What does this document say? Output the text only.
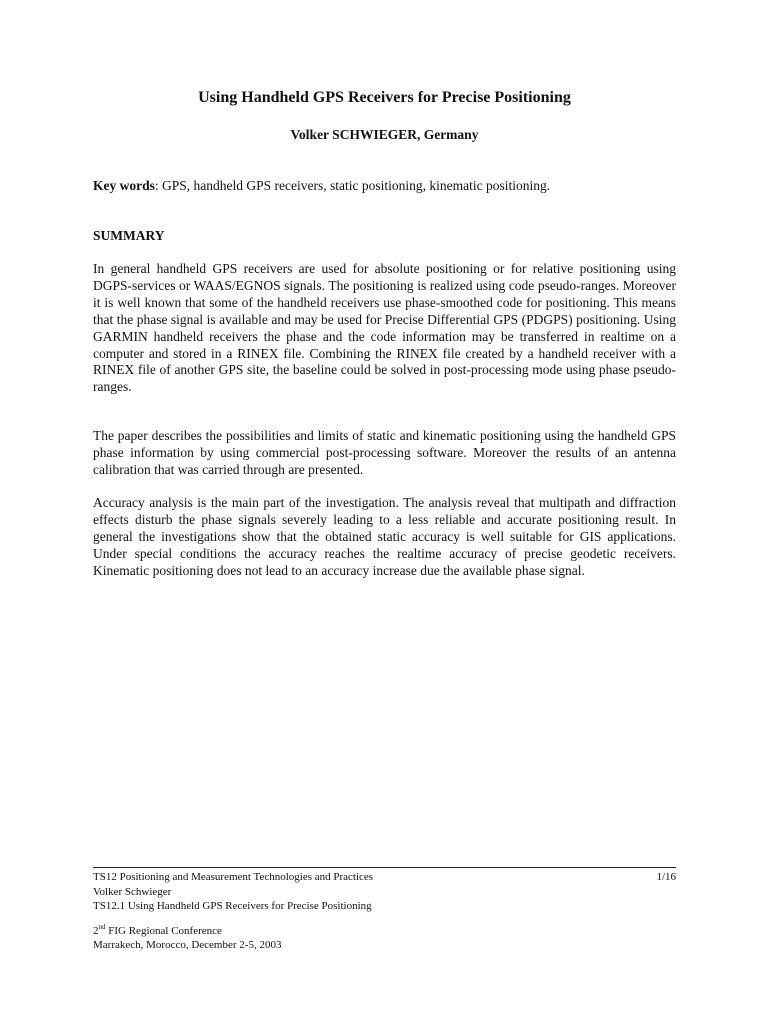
Using Handheld GPS Receivers for Precise Positioning
Volker SCHWIEGER, Germany
Key words: GPS, handheld GPS receivers, static positioning, kinematic positioning.
SUMMARY

In general handheld GPS receivers are used for absolute positioning or for relative positioning using DGPS-services or WAAS/EGNOS signals. The positioning is realized using code pseudo-ranges. Moreover it is well known that some of the handheld receivers use phase-smoothed code for positioning. This means that the phase signal is available and may be used for Precise Differential GPS (PDGPS) positioning. Using GARMIN handheld receivers the phase and the code information may be transferred in realtime on a computer and stored in a RINEX file. Combining the RINEX file created by a handheld receiver with a RINEX file of another GPS site, the baseline could be solved in post-processing mode using phase pseudo-ranges.

The paper describes the possibilities and limits of static and kinematic positioning using the handheld GPS phase information by using commercial post-processing software. Moreover the results of an antenna calibration that was carried through are presented.

Accuracy analysis is the main part of the investigation. The analysis reveal that multipath and diffraction effects disturb the phase signals severely leading to a less reliable and accurate positioning result. In general the investigations show that the obtained static accuracy is well suitable for GIS applications. Under special conditions the accuracy reaches the realtime accuracy of precise geodetic receivers. Kinematic positioning does not lead to an accuracy increase due the available phase signal.

1/16
TS12 Positioning and Measurement Technologies and Practices
Volker Schwieger
TS12.1 Using Handheld GPS Receivers for Precise Positioning
2nd FIG Regional Conference
Marrakech, Morocco, December 2-5, 2003
